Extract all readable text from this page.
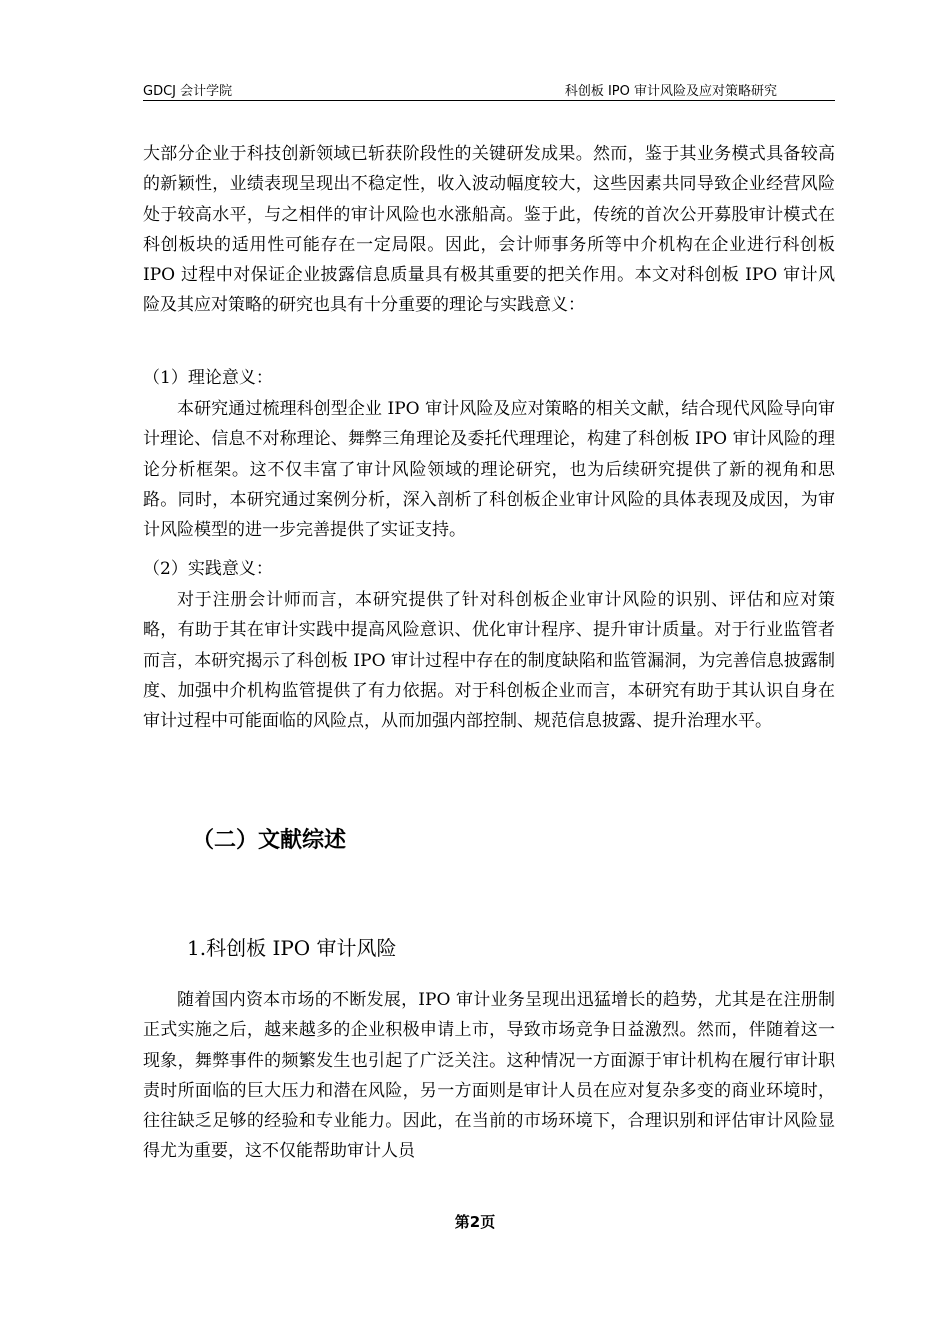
GDCJ 会计学院	科创板 IPO 审计风险及应对策略研究
大部分企业于科技创新领域已斩获阶段性的关键研发成果。然而，鉴于其业务模式具备较高的新颖性，业绩表现呈现出不稳定性，收入波动幅度较大，这些因素共同导致企业经营风险处于较高水平，与之相伴的审计风险也水涨船高。鉴于此，传统的首次公开募股审计模式在科创板块的适用性可能存在一定局限。因此，会计师事务所等中介机构在企业进行科创板 IPO 过程中对保证企业披露信息质量具有极其重要的把关作用。本文对科创板 IPO 审计风险及其应对策略的研究也具有十分重要的理论与实践意义：
（1）理论意义：
本研究通过梳理科创型企业 IPO 审计风险及应对策略的相关文献，结合现代风险导向审计理论、信息不对称理论、舞弊三角理论及委托代理理论，构建了科创板 IPO 审计风险的理论分析框架。这不仅丰富了审计风险领域的理论研究，也为后续研究提供了新的视角和思路。同时，本研究通过案例分析，深入剖析了科创板企业审计风险的具体表现及成因，为审计风险模型的进一步完善提供了实证支持。
（2）实践意义：
对于注册会计师而言，本研究提供了针对科创板企业审计风险的识别、评估和应对策略，有助于其在审计实践中提高风险意识、优化审计程序、提升审计质量。对于行业监管者而言，本研究揭示了科创板 IPO 审计过程中存在的制度缺陷和监管漏洞，为完善信息披露制度、加强中介机构监管提供了有力依据。对于科创板企业而言，本研究有助于其认识自身在审计过程中可能面临的风险点，从而加强内部控制、规范信息披露、提升治理水平。
（二）文献综述
1.科创板 IPO 审计风险
随着国内资本市场的不断发展，IPO 审计业务呈现出迅猛增长的趋势，尤其是在注册制正式实施之后，越来越多的企业积极申请上市，导致市场竞争日益激烈。然而，伴随着这一现象，舞弊事件的频繁发生也引起了广泛关注。这种情况一方面源于审计机构在履行审计职责时所面临的巨大压力和潜在风险，另一方面则是审计人员在应对复杂多变的商业环境时，往往缺乏足够的经验和专业能力。因此，在当前的市场环境下，合理识别和评估审计风险显得尤为重要，这不仅能帮助审计人员
第2页
